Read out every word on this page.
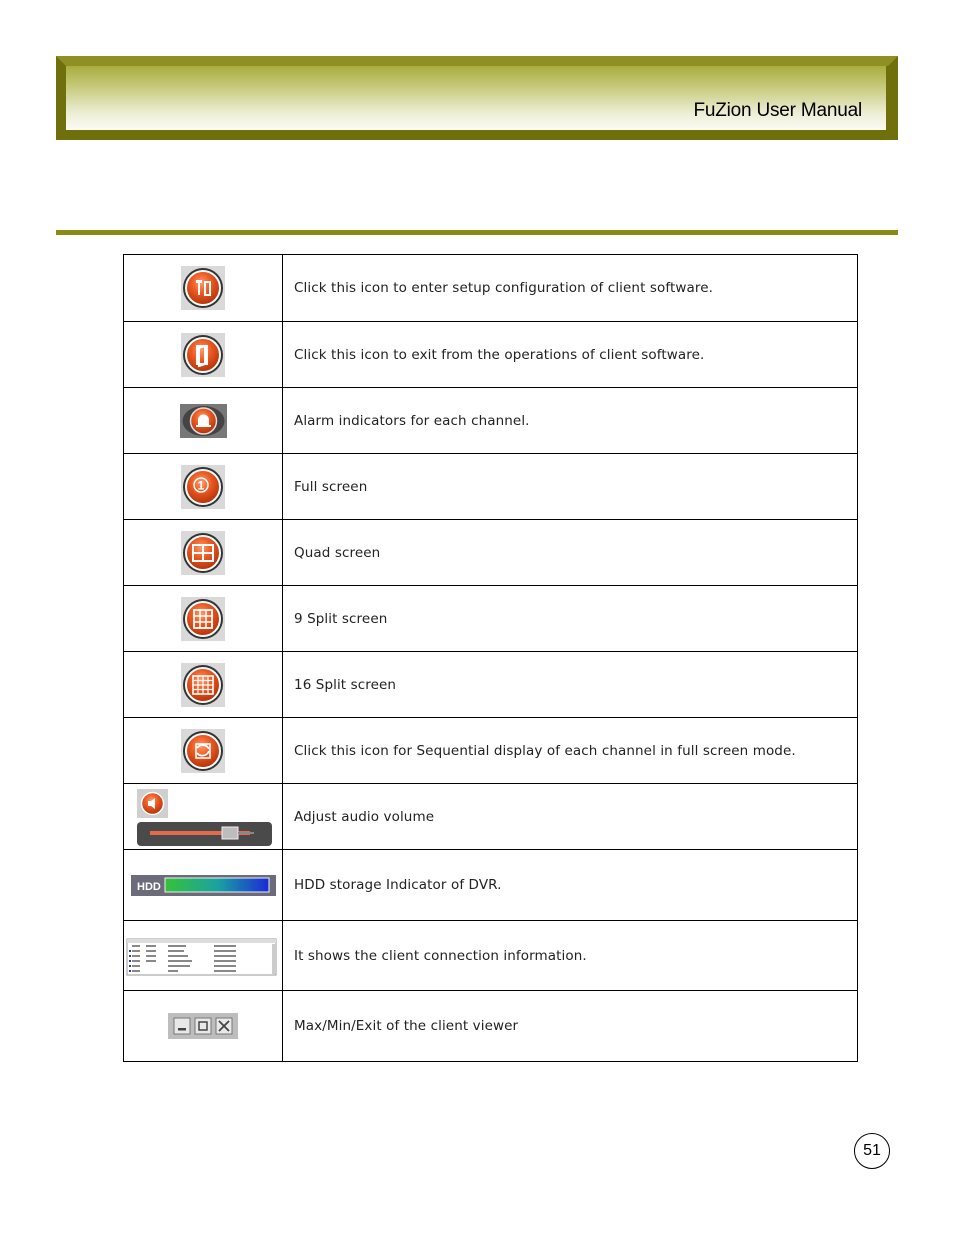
FuZion User Manual
	Click this icon to enter setup configuration of client software.

	Click this icon to exit from the operations of client software.

	Alarm indicators for each channel.

1	Full screen

	Quad screen

	9 Split screen

	16 Split screen

	Click this icon for Sequential display of each channel in full screen mode.

	Adjust audio volume

HDD	HDD storage Indicator of DVR.

	It shows the client connection information.

	Max/Min/Exit of the client viewer
51
